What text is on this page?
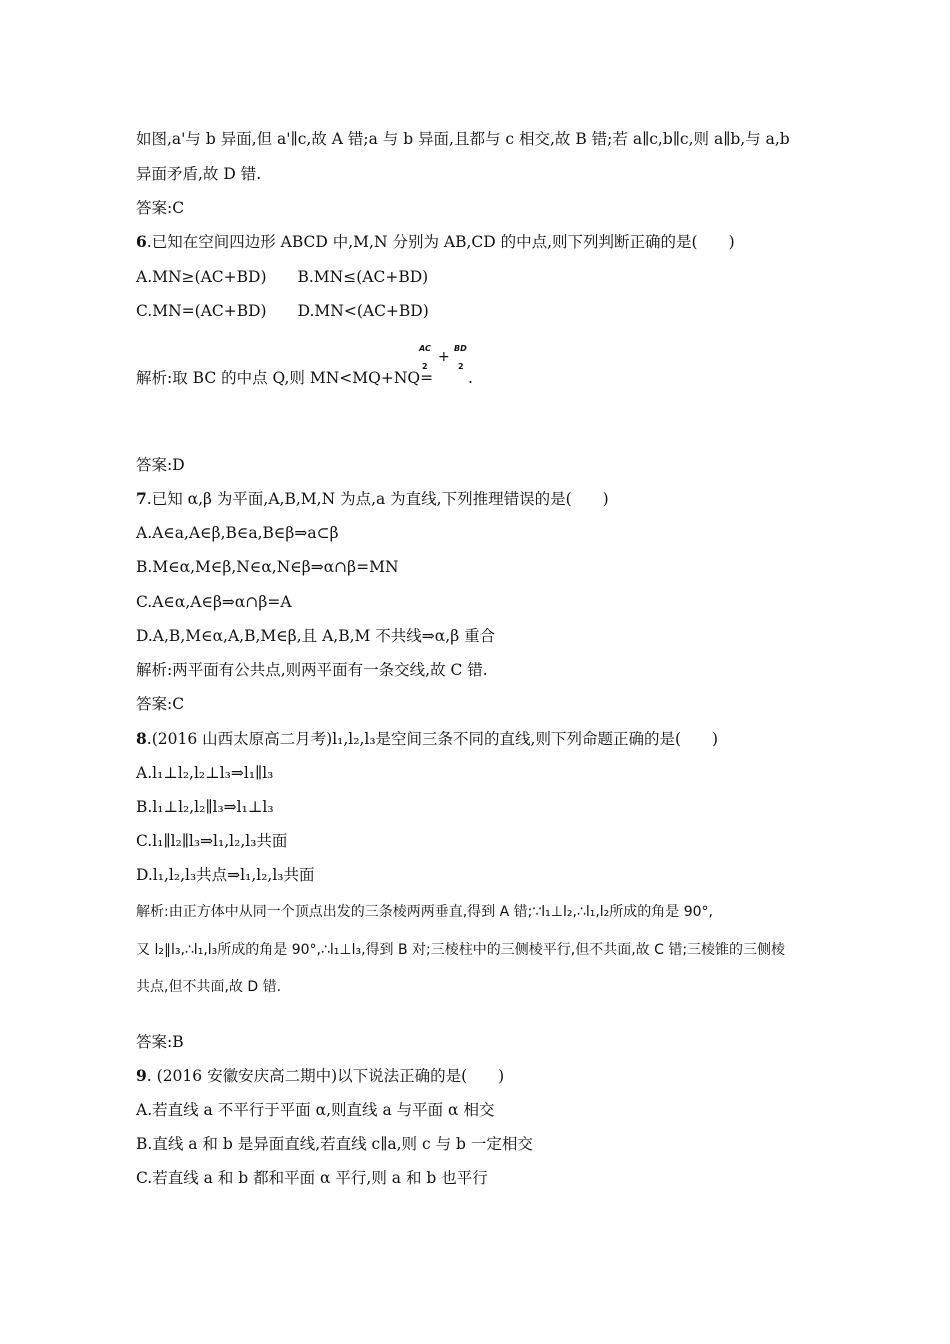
如图,a'与 b 异面,但 a'∥c,故 A 错;a 与 b 异面,且都与 c 相交,故 B 错;若 a∥c,b∥c,则 a∥b,与 a,b

异面矛盾,故 D 错.

答案:C

6.已知在空间四边形 ABCD 中,M,N 分别为 AB,CD 的中点,则下列判断正确的是(　　)

A.MN≥(AC+BD)　　B.MN≤(AC+BD)

C.MN=(AC+BD)　　D.MN<(AC+BD)

解析:取 BC 的中点 Q,则 MN<MQ+NQ=

AC
2
+
BD
2

.

答案:D

7.已知 α,β 为平面,A,B,M,N 为点,a 为直线,下列推理错误的是(　　)

A.A∈a,A∈β,B∈a,B∈β⇒a⊂β

B.M∈α,M∈β,N∈α,N∈β⇒α∩β=MN

C.A∈α,A∈β⇒α∩β=A

D.A,B,M∈α,A,B,M∈β,且 A,B,M 不共线⇒α,β 重合

解析:两平面有公共点,则两平面有一条交线,故 C 错.

答案:C

8.(2016 山西太原高二月考)l₁,l₂,l₃是空间三条不同的直线,则下列命题正确的是(　　)

A.l₁⊥l₂,l₂⊥l₃⇒l₁∥l₃

B.l₁⊥l₂,l₂∥l₃⇒l₁⊥l₃

C.l₁∥l₂∥l₃⇒l₁,l₂,l₃共面

D.l₁,l₂,l₃共点⇒l₁,l₂,l₃共面

解析:由正方体中从同一个顶点出发的三条棱两两垂直,得到 A 错;∵l₁⊥l₂,∴l₁,l₂所成的角是 90°,

又 l₂∥l₃,∴l₁,l₃所成的角是 90°,∴l₁⊥l₃,得到 B 对;三棱柱中的三侧棱平行,但不共面,故 C 错;三棱锥的三侧棱

共点,但不共面,故 D 错.

答案:B

9. (2016 安徽安庆高二期中)以下说法正确的是(　　)

A.若直线 a 不平行于平面 α,则直线 a 与平面 α 相交

B.直线 a 和 b 是异面直线,若直线 c∥a,则 c 与 b 一定相交

C.若直线 a 和 b 都和平面 α 平行,则 a 和 b 也平行
